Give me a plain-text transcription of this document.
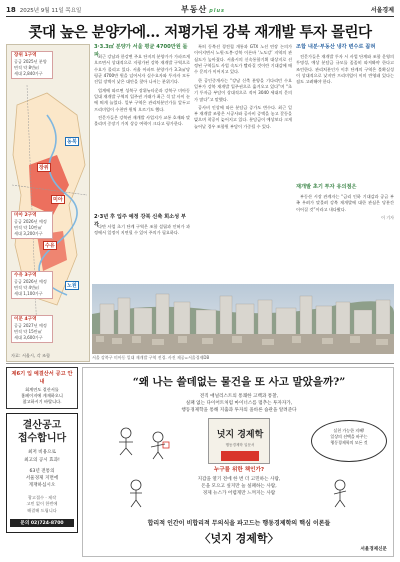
18 2025년 9월 11일 목요일	부동산 plus	서울경제
콧대 높은 분양가에… 저평가된 강북 재개발 투자 몰린다
장위
미아
동북
수유
노원
장위 1구역
공급 2025년 분양
면적 약 8만㎡
세대 2,840가구
미아 2구역
공급 2026년 예정
면적 약 10만㎡
세대 3,200가구
수유 3구역
공급 2026년 예정
면적 약 4만㎡
세대 1,100가구
이문 4구역
공급 2027년 예정
면적 약 15만㎡
세대 3,600가구
자료: 서울시, 각 조합
3·3.3㎡ 분양가 서울 평균 4700만원 돌파

최근 강남과 한강변 주요 단지의 분양가가 가파르게 오르면서 상대적으로 저평가된 강북 재개발 구역으로 수요가 몰리고 있다. 서울 아파트 분양가가 3.3㎡당 평균 4700만 원을 넘어서자 실수요자와 투자자 모두 진입 장벽이 낮은 대안을 찾아 나서는 분위기다.

업계에 따르면 성북구 장위뉴타운과 강북구 미아동 일대 재개발 구역의 입주권 거래가 최근 석 달 사이 눈에 띄게 늘었다. 일부 구역은 관리처분인가를 앞두고 프리미엄이 수천만 원씩 오르기도 했다.

전문가들은 강북권 재개발 사업지가 교통 호재와 맞물리며 중장기 가치 상승 여력이 크다고 평가한다.

2·3년 후 입주 예정 강북 신축 희소성 부각

다만 사업 초기 단계 구역은 조합 설립과 인허가 과정에서 일정이 지연될 수 있어 주의가 필요하다.

특히 동북선 경전철 개통과 GTX 노선 연장 논의가 이어지면서 노원·도봉·강북 이른바 ‘노도강’ 지역의 관심도가 높아졌다. 서울시의 신속통합기획 대상지로 선정된 구역들도 사업 속도가 빨라질 것이란 기대감에 매수 문의가 이어지고 있다.

한 공인중개사는 “강남 신축 분양을 기다리던 수요 일부가 강북 재개발 입주권으로 옮겨오고 있다”며 “초기 투자금 부담이 상대적으로 적어 3040 세대의 문의가 많다”고 말했다.

공사비 인상에 따른 분담금 증가도 변수다. 최근 일부 재개발 조합은 시공사와 공사비 증액을 놓고 갈등을 빚으며 착공이 늦어지고 있다. 분담금이 예상보다 크게 늘어날 경우 조합원 부담이 가중될 수 있다.

조합 내분·부동산 냉각 변수로 꼽혀

전문가들은 재개발 투자 시 사업 단계와 조합 운영의 투명성, 예상 분담금 규모를 꼼꼼히 따져봐야 한다고 조언한다. 관리처분인가 이후 단계의 구역은 불확실성이 상대적으로 낮지만 프리미엄이 이미 반영돼 있다는 점도 고려해야 한다.

재개발 초기 투자 유의점은

부동산 시장 관계자는 “금리 인하 기대감과 공급 부족 우려가 맞물려 강북 재개발에 대한 관심은 당분간 이어질 것”이라고 내다봤다.

이 기자
서울 강북구 미아동 일대 재개발 구역 전경. 사진 제공=서울경제DB
제6기 입 예결산서 공고 안내
회계연도 결산서를
홈페이지에 게재하오니
참고하시기 바랍니다.
결산공고
접수합니다
최저 비용으로
최고의 공시 효과!
63년 전통의
서울경제 지면에
게재하십시오
광고접수 · 제작
고민 없이 한번에
해결해 드립니다
문의 02)724-8700
“왜 나는 쓸데없는 물건을 또 사고 말았을까?”
전직 애널리스트의 통쾌한 고백과 통찰,
실패 없는 다이어트처럼 마이너스를 멈추는 투자자가,
행동경제학을 통해 지출과 투자의 올바른 습관을 알려준다
넛지 경제학
행동경제학 입문서
실천 가능한 지혜!
일상의 선택을 바꾸는
행동경제학의 모든 것
누구를 위한 책인가?
지갑을 열기 전에 한 번 더 고민하는 사람,
돈을 모으고 싶지만 늘 실패하는 사람,
경제 뉴스가 어렵게만 느껴지는 사람
합리적 인간이 비합리적 무의식을 파고드는 행동경제학의 핵심 이론들
〈넛지 경제학〉
서울경제신문
